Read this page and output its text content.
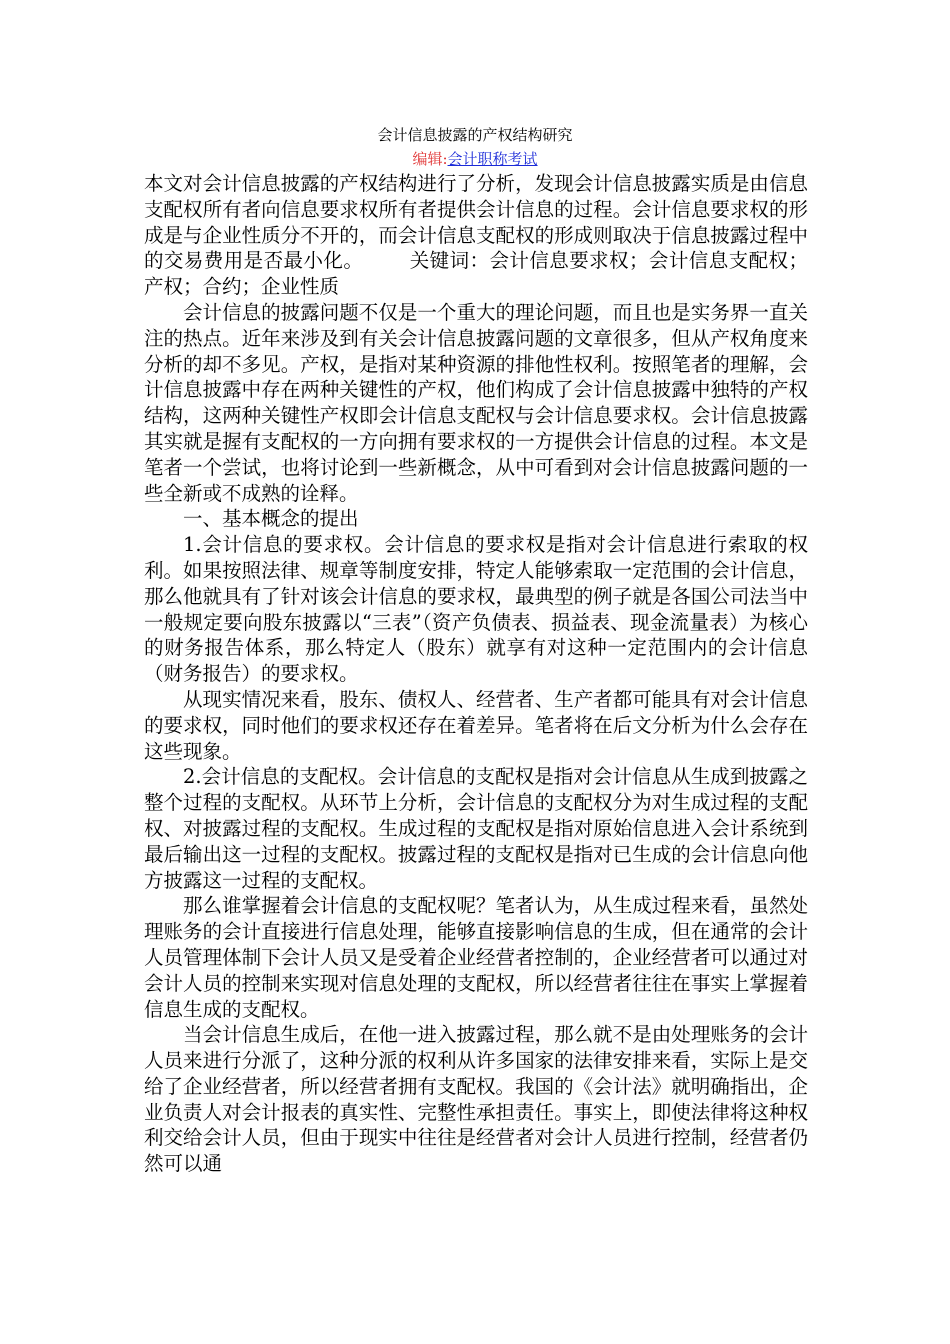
会计信息披露的产权结构研究
编辑:会计职称考试

本文对会计信息披露的产权结构进行了分析，发现会计信息披露实质是由信息支配权所有者向信息要求权所有者提供会计信息的过程。会计信息要求权的形成是与企业性质分不开的，而会计信息支配权的形成则取决于信息披露过程中的交易费用是否最小化。 关键词：会计信息要求权；会计信息支配权；产权；合约；企业性质

会计信息的披露问题不仅是一个重大的理论问题，而且也是实务界一直关注的热点。近年来涉及到有关会计信息披露问题的文章很多，但从产权角度来分析的却不多见。产权，是指对某种资源的排他性权利。按照笔者的理解，会计信息披露中存在两种关键性的产权，他们构成了会计信息披露中独特的产权结构，这两种关键性产权即会计信息支配权与会计信息要求权。会计信息披露其实就是握有支配权的一方向拥有要求权的一方提供会计信息的过程。本文是笔者一个尝试，也将讨论到一些新概念，从中可看到对会计信息披露问题的一些全新或不成熟的诠释。

一、基本概念的提出

1.会计信息的要求权。会计信息的要求权是指对会计信息进行索取的权利。如果按照法律、规章等制度安排，特定人能够索取一定范围的会计信息，那么他就具有了针对该会计信息的要求权，最典型的例子就是各国公司法当中一般规定要向股东披露以“三表”（资产负债表、损益表、现金流量表）为核心的财务报告体系，那么特定人（股东）就享有对这种一定范围内的会计信息（财务报告）的要求权。

从现实情况来看，股东、债权人、经营者、生产者都可能具有对会计信息的要求权，同时他们的要求权还存在着差异。笔者将在后文分析为什么会存在这些现象。

2.会计信息的支配权。会计信息的支配权是指对会计信息从生成到披露之整个过程的支配权。从环节上分析，会计信息的支配权分为对生成过程的支配权、对披露过程的支配权。生成过程的支配权是指对原始信息进入会计系统到最后输出这一过程的支配权。披露过程的支配权是指对已生成的会计信息向他方披露这一过程的支配权。

那么谁掌握着会计信息的支配权呢？笔者认为，从生成过程来看，虽然处理账务的会计直接进行信息处理，能够直接影响信息的生成，但在通常的会计人员管理体制下会计人员又是受着企业经营者控制的，企业经营者可以通过对会计人员的控制来实现对信息处理的支配权，所以经营者往往在事实上掌握着信息生成的支配权。

当会计信息生成后，在他一进入披露过程，那么就不是由处理账务的会计人员来进行分派了，这种分派的权利从许多国家的法律安排来看，实际上是交给了企业经营者，所以经营者拥有支配权。我国的《会计法》就明确指出，企业负责人对会计报表的真实性、完整性承担责任。事实上，即使法律将这种权利交给会计人员，但由于现实中往往是经营者对会计人员进行控制，经营者仍然可以通
